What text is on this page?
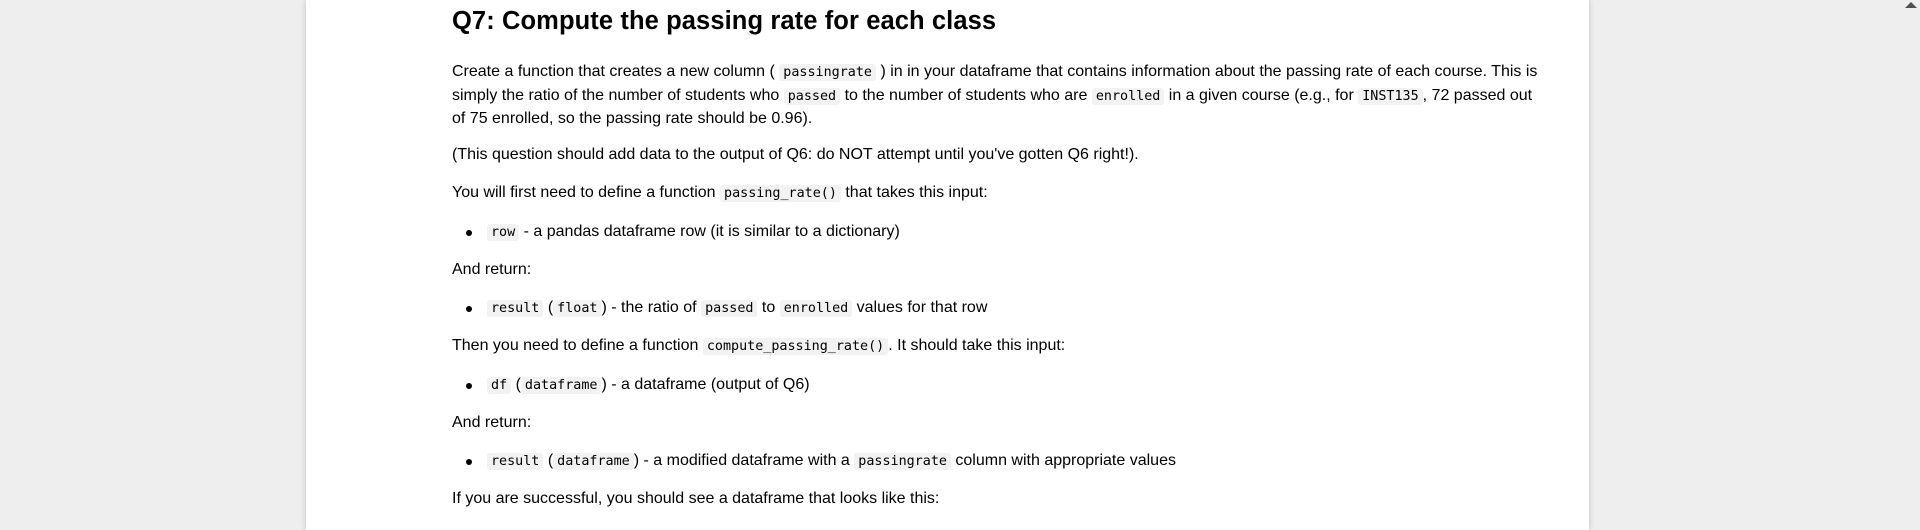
Q7: Compute the passing rate for each class
Create a function that creates a new column ( passingrate ) in in your dataframe that contains information about the passing rate of each course. This is
simply the ratio of the number of students who passed to the number of students who are enrolled in a given course (e.g., for INST135 , 72 passed out
of 75 enrolled, so the passing rate should be 0.96).

(This question should add data to the output of Q6: do NOT attempt until you've gotten Q6 right!).

You will first need to define a function passing_rate() that takes this input:
row - a pandas dataframe row (it is similar to a dictionary)

And return:

result ( float ) - the ratio of passed to enrolled values for that row
Then you need to define a function compute_passing_rate() . It should take this input:
df ( dataframe ) - a dataframe (output of Q6)

And return:

result ( dataframe ) - a modified dataframe with a passingrate column with appropriate values

If you are successful, you should see a dataframe that looks like this:
